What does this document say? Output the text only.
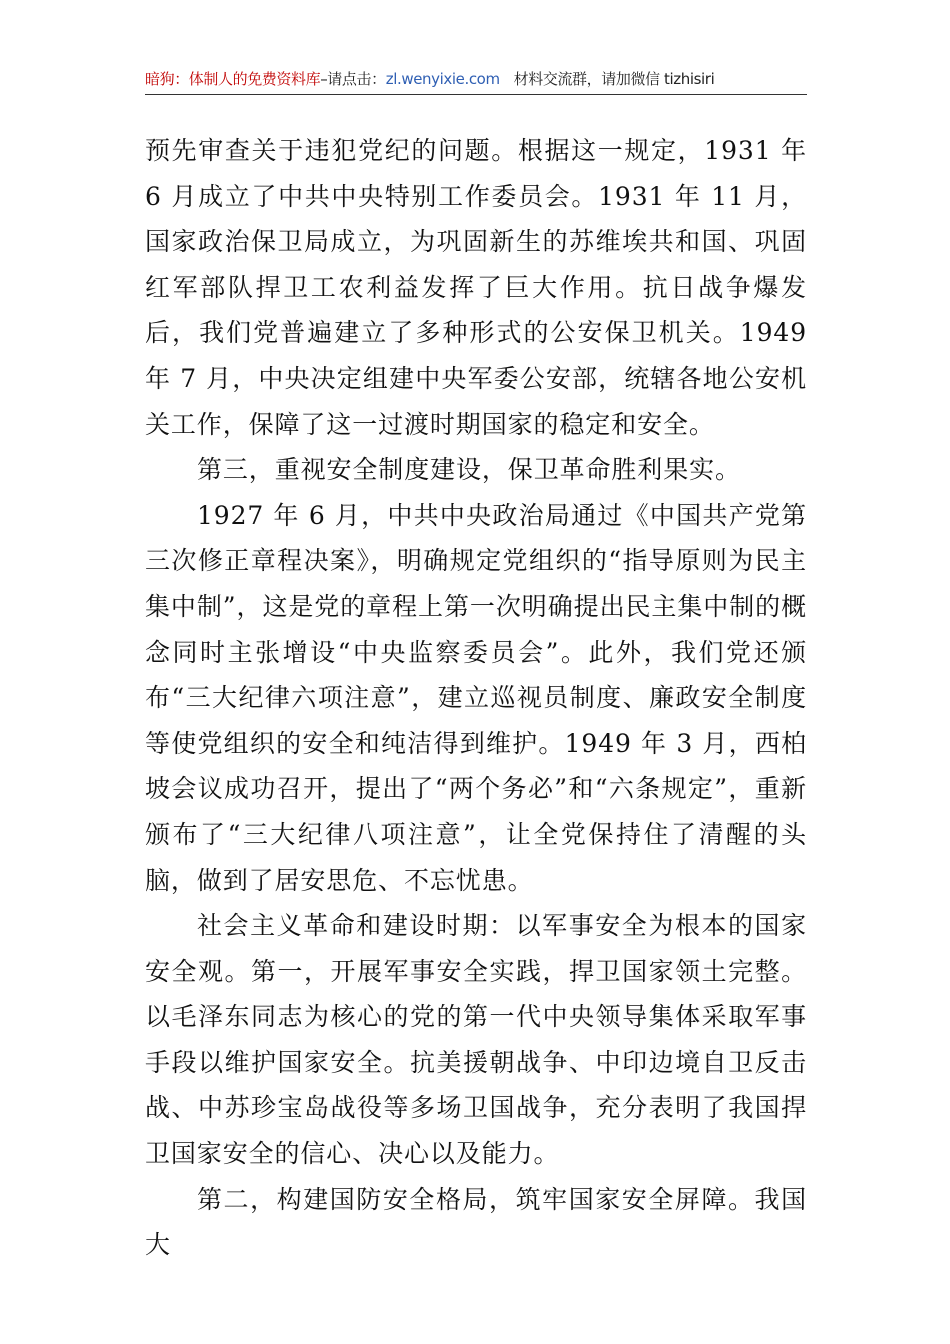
暗狗：体制人的免费资料库–请点击：zl.wenyixie.com 材料交流群，请加微信 tizhisiri

预先审查关于违犯党纪的问题。根据这一规定，1931 年 6 月成立了中共中央特别工作委员会。1931 年 11 月，国家政治保卫局成立，为巩固新生的苏维埃共和国、巩固红军部队捍卫工农利益发挥了巨大作用。抗日战争爆发后，我们党普遍建立了多种形式的公安保卫机关。1949 年 7 月，中央决定组建中央军委公安部，统辖各地公安机关工作，保障了这一过渡时期国家的稳定和安全。

第三，重视安全制度建设，保卫革命胜利果实。

1927 年 6 月，中共中央政治局通过《中国共产党第三次修正章程决案》，明确规定党组织的“指导原则为民主集中制”，这是党的章程上第一次明确提出民主集中制的概念同时主张增设“中央监察委员会”。此外，我们党还颁布“三大纪律六项注意”，建立巡视员制度、廉政安全制度等使党组织的安全和纯洁得到维护。1949 年 3 月，西柏坡会议成功召开，提出了“两个务必”和“六条规定”，重新颁布了“三大纪律八项注意”，让全党保持住了清醒的头脑，做到了居安思危、不忘忧患。

社会主义革命和建设时期：以军事安全为根本的国家安全观。第一，开展军事安全实践，捍卫国家领土完整。以毛泽东同志为核心的党的第一代中央领导集体采取军事手段以维护国家安全。抗美援朝战争、中印边境自卫反击战、中苏珍宝岛战役等多场卫国战争，充分表明了我国捍卫国家安全的信心、决心以及能力。

第二，构建国防安全格局，筑牢国家安全屏障。我国大
